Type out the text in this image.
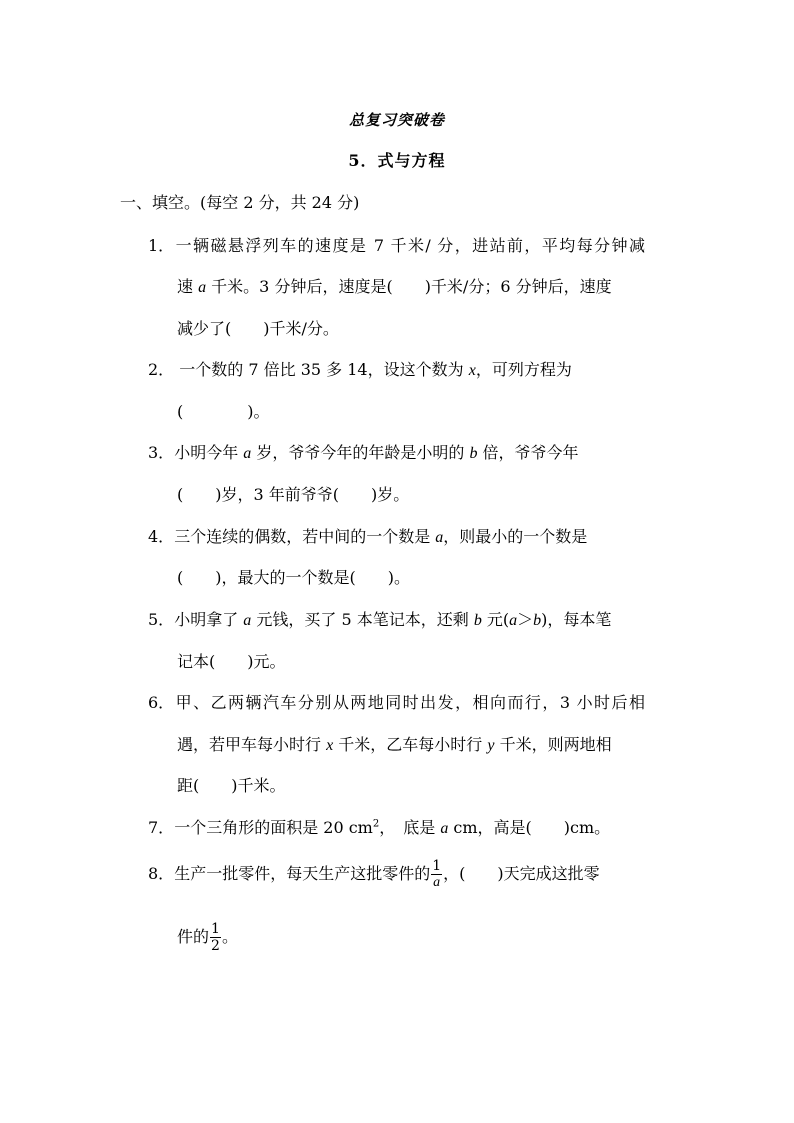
总复习突破卷
5．式与方程
一、填空。(每空 2 分，共 24 分)
1．一辆磁悬浮列车的速度是 7 千米/ 分，进站前，平均每分钟减
速 a 千米。3 分钟后，速度是(　　)千米/分；6 分钟后，速度
减少了(　　)千米/分。
2． 一个数的 7 倍比 35 多 14，设这个数为 x，可列方程为
(　　　　)。
3．小明今年 a 岁，爷爷今年的年龄是小明的 b 倍，爷爷今年
(　　)岁，3 年前爷爷(　　)岁。
4．三个连续的偶数，若中间的一个数是 a，则最小的一个数是
(　　)，最大的一个数是(　　)。
5．小明拿了 a 元钱，买了 5 本笔记本，还剩 b 元(a＞b)，每本笔
记本(　　)元。
6．甲、乙两辆汽车分别从两地同时出发，相向而行，3 小时后相
遇，若甲车每小时行 x 千米，乙车每小时行 y 千米，则两地相
距(　　)千米。
7．一个三角形的面积是 20 $cm^2$，　底是 a cm，高是(　　)cm。
8．生产一批零件，每天生产这批零件的 $\frac{1}{a}$ ，(　　)天完成这批零
件的 $\frac{1}{2}$ 。
